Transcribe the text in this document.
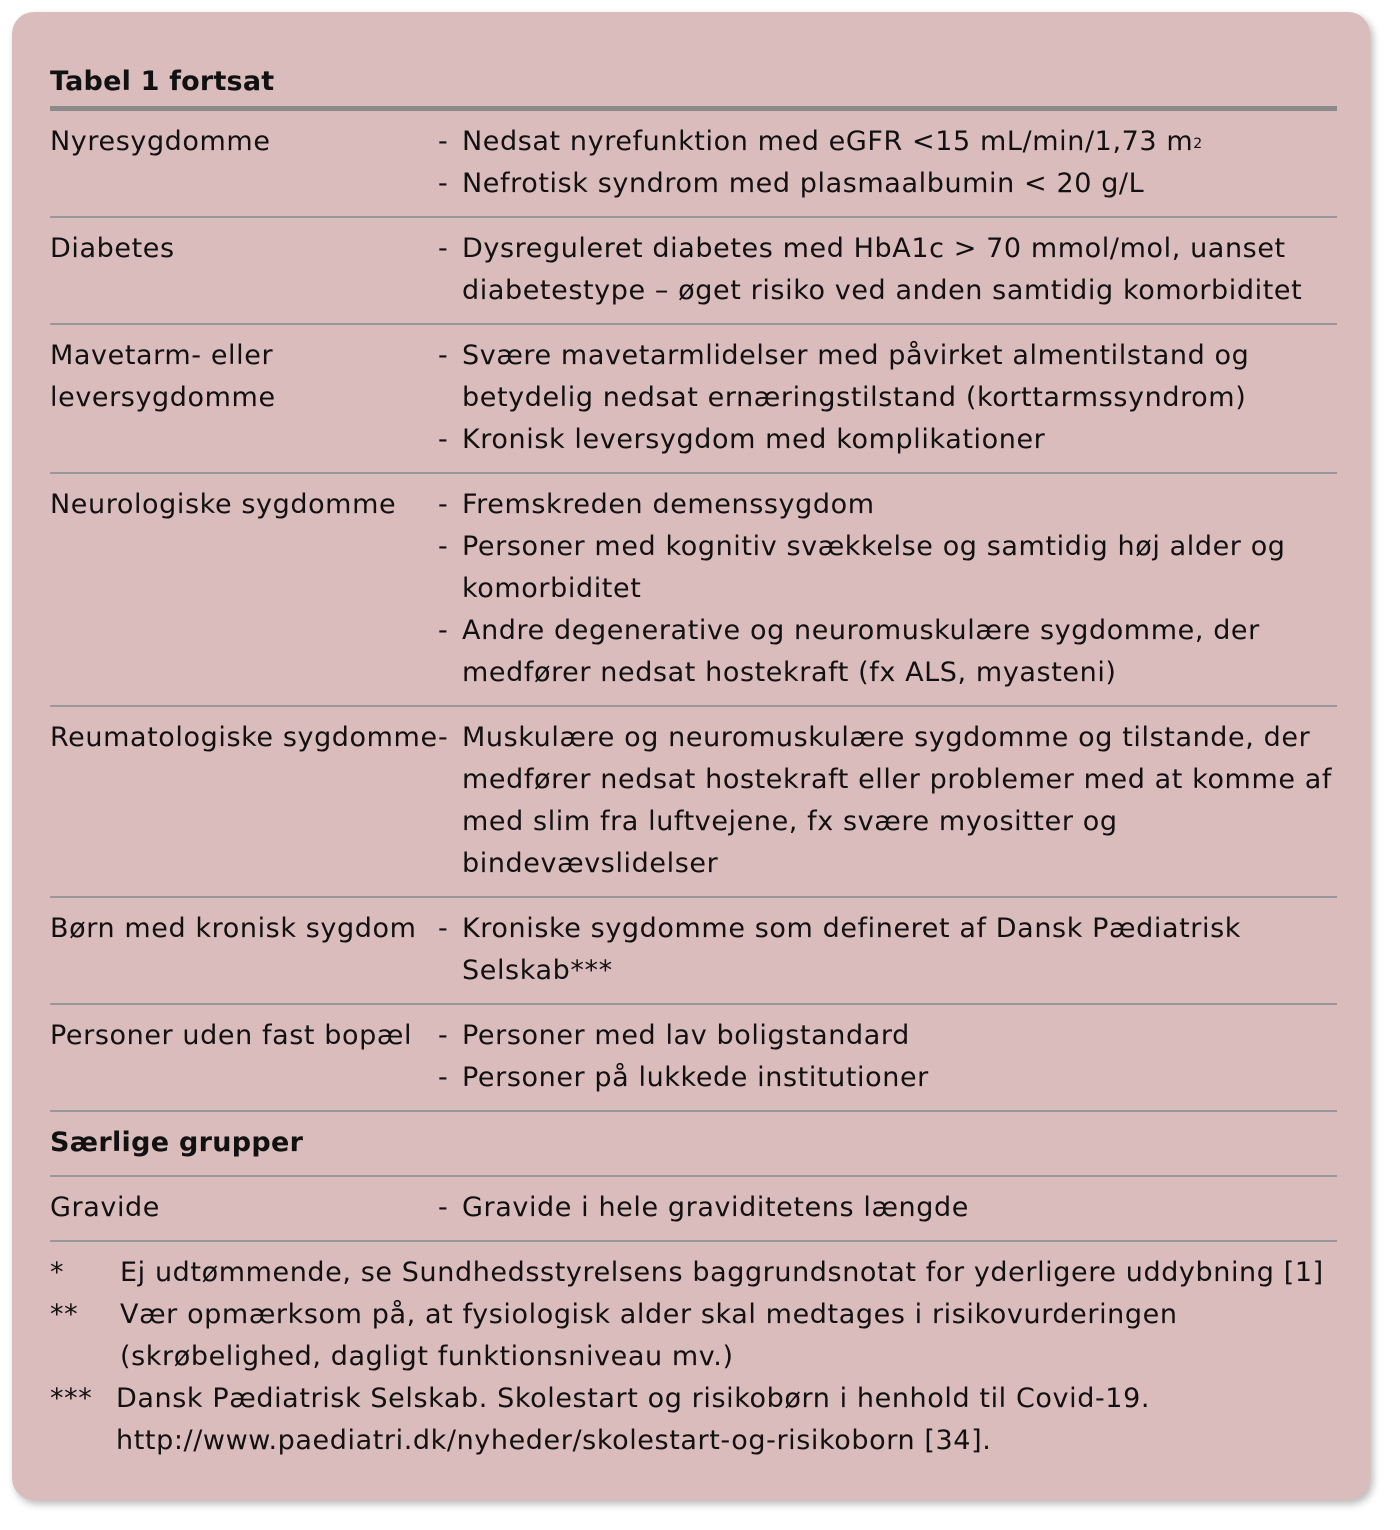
Tabel 1 fortsat
Nyresygdomme	- Nedsat nyrefunktion med eGFR <15 mL/min/1,73 $m^2$
- Nefrotisk syndrom med plasmaalbumin < 20 g/L
Diabetes	- Dysreguleret diabetes med HbA1c > 70 mmol/mol, uanset diabetestype – øget risiko ved anden samtidig komorbiditet
Mavetarm- eller leversygdomme
- Svære mavetarmlidelser med påvirket almentilstand og betydelig nedsat ernæringstilstand (korttarmssyndrom)
- Kronisk leversygdom med komplikationer
Neurologiske sygdomme	- Fremskreden demenssygdom
- Personer med kognitiv svækkelse og samtidig høj alder og komorbiditet
- Andre degenerative og neuromuskulære sygdomme, der medfører nedsat hostekraft (fx ALS, myasteni)
Reumatologiske sygdomme - Muskulære og neuromuskulære sygdomme og tilstande, der medfører nedsat hostekraft eller problemer med at komme af med slim fra luftvejene, fx svære myositter og bindevævslidelser
Børn med kronisk sygdom - Kroniske sygdomme som defineret af Dansk Pædiatrisk Selskab***
Personer uden fast bopæl - Personer med lav boligstandard
- Personer på lukkede institutioner
Særlige grupper
Gravide	- Gravide i hele graviditetens længde
*	Ej udtømmende, se Sundhedsstyrelsens baggrundsnotat for yderligere uddybning [1]
**	Vær opmærksom på, at fysiologisk alder skal medtages i risikovurderingen (skrøbelighed, dagligt funktionsniveau mv.)
*** Dansk Pædiatrisk Selskab. Skolestart og risikobørn i henhold til Covid-19. http://www.paediatri.dk/nyheder/skolestart-og-risikoborn [34].
